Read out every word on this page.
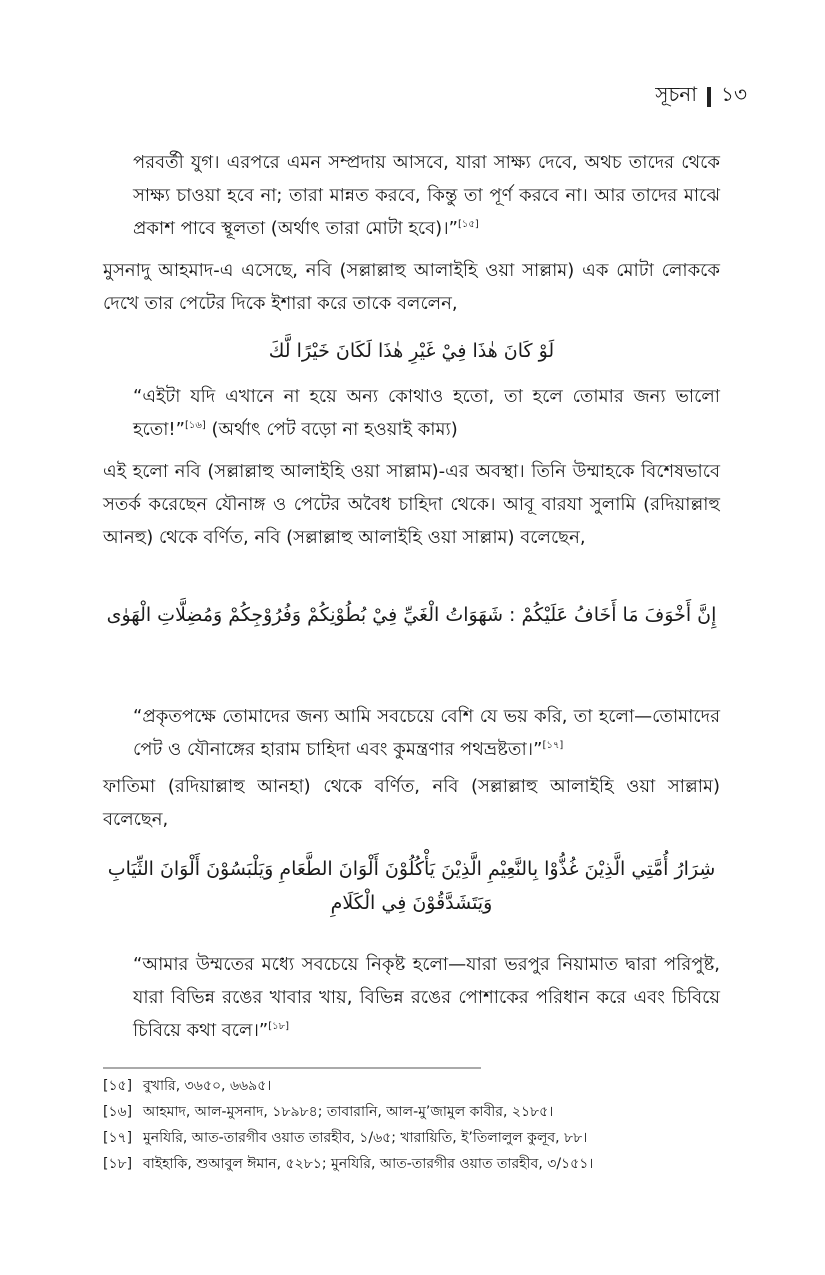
সূচনা ১৩
পরবর্তী যুগ। এরপরে এমন সম্প্রদায় আসবে, যারা সাক্ষ্য দেবে, অথচ তাদের থেকে সাক্ষ্য চাওয়া হবে না; তারা মান্নত করবে, কিন্তু তা পূর্ণ করবে না। আর তাদের মাঝে প্রকাশ পাবে স্থূলতা (অর্থাৎ তারা মোটা হবে)।”[১৫]
মুসনাদু আহমাদ-এ এসেছে, নবি (সল্লাল্লাহু আলাইহি ওয়া সাল্লাম) এক মোটা লোককে দেখে তার পেটের দিকে ইশারা করে তাকে বললেন,
لَوْ كَانَ هٰذَا فِيْ غَيْرِ هٰذَا لَكَانَ خَيْرًا لَّكَ
“এইটা যদি এখানে না হয়ে অন্য কোথাও হতো, তা হলে তোমার জন্য ভালো হতো!”[১৬] (অর্থাৎ পেট বড়ো না হওয়াই কাম্য)
এই হলো নবি (সল্লাল্লাহু আলাইহি ওয়া সাল্লাম)-এর অবস্থা। তিনি উম্মাহকে বিশেষভাবে সতর্ক করেছেন যৌনাঙ্গ ও পেটের অবৈধ চাহিদা থেকে। আবূ বারযা সুলামি (রদিয়াল্লাহু আনহু) থেকে বর্ণিত, নবি (সল্লাল্লাহু আলাইহি ওয়া সাল্লাম) বলেছেন,
إِنَّ أَخْوَفَ مَا أَخَافُ عَلَيْكُمْ : شَهَوَاتُ الْغَيِّ فِيْ بُطُوْنِكُمْ وَفُرُوْجِكُمْ وَمُضِلَّاتِ الْهَوٰى
“প্রকৃতপক্ষে তোমাদের জন্য আমি সবচেয়ে বেশি যে ভয় করি, তা হলো—তোমাদের পেট ও যৌনাঙ্গের হারাম চাহিদা এবং কুমন্ত্রণার পথভ্রষ্টতা।”[১৭]
ফাতিমা (রদিয়াল্লাহু আনহা) থেকে বর্ণিত, নবি (সল্লাল্লাহু আলাইহি ওয়া সাল্লাম) বলেছেন,
شِرَارُ أُمَّتِي الَّذِيْنَ غُذُّوْا بِالنَّعِيْمِ الَّذِيْنَ يَأْكُلُوْنَ أَلْوَانَ الطَّعَامِ وَيَلْبَسُوْنَ أَلْوَانَ الثِّيَابِ وَيَتَشَدَّقُوْنَ فِي الْكَلَامِ
“আমার উম্মতের মধ্যে সবচেয়ে নিকৃষ্ট হলো—যারা ভরপুর নিয়ামাত দ্বারা পরিপুষ্ট, যারা বিভিন্ন রঙের খাবার খায়, বিভিন্ন রঙের পোশাকের পরিধান করে এবং চিবিয়ে চিবিয়ে কথা বলে।”[১৮]
[১৫] বুখারি, ৩৬৫০, ৬৬৯৫।
[১৬] আহমাদ, আল-মুসনাদ, ১৮৯৮৪; তাবারানি, আল-মু’জামুল কাবীর, ২১৮৫।
[১৭] মুনযিরি, আত-তারগীব ওয়াত তারহীব, ১/৬৫; খারায়িতি, ই’তিলালুল কুলূব, ৮৮।
[১৮] বাইহাকি, শুআবুল ঈমান, ৫২৮১; মুনযিরি, আত-তারগীর ওয়াত তারহীব, ৩/১৫১।
